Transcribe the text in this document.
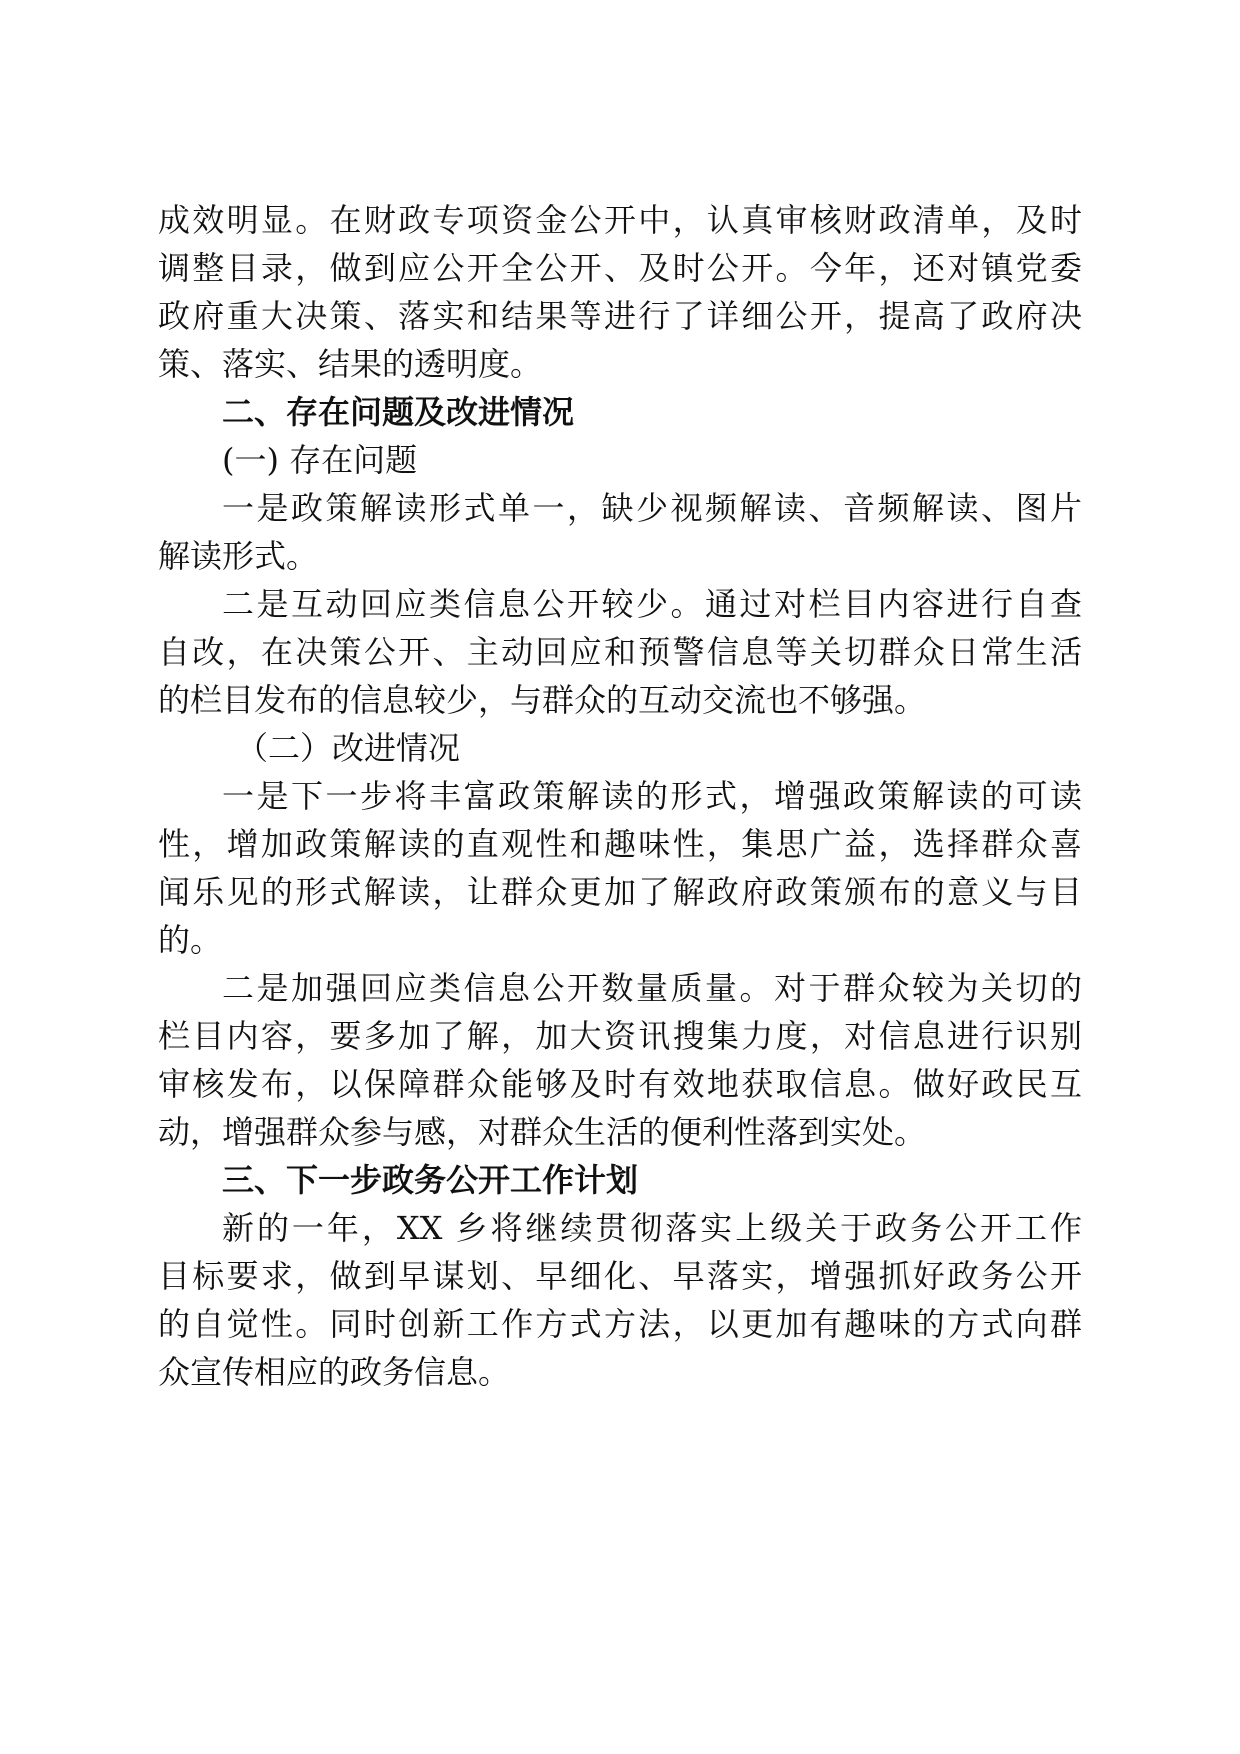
成效明显。在财政专项资金公开中，认真审核财政清单，及时
调整目录，做到应公开全公开、及时公开。今年，还对镇党委
政府重大决策、落实和结果等进行了详细公开，提高了政府决
策、落实、结果的透明度。
二、存在问题及改进情况
(一) 存在问题
一是政策解读形式单一，缺少视频解读、音频解读、图片
解读形式。
二是互动回应类信息公开较少。通过对栏目内容进行自查
自改，在决策公开、主动回应和预警信息等关切群众日常生活
的栏目发布的信息较少，与群众的互动交流也不够强。
（二）改进情况
一是下一步将丰富政策解读的形式，增强政策解读的可读
性，增加政策解读的直观性和趣味性，集思广益，选择群众喜
闻乐见的形式解读，让群众更加了解政府政策颁布的意义与目
的。
二是加强回应类信息公开数量质量。对于群众较为关切的
栏目内容，要多加了解，加大资讯搜集力度，对信息进行识别
审核发布，以保障群众能够及时有效地获取信息。做好政民互
动，增强群众参与感，对群众生活的便利性落到实处。
三、下一步政务公开工作计划
新的一年，XX 乡将继续贯彻落实上级关于政务公开工作
目标要求，做到早谋划、早细化、早落实，增强抓好政务公开
的自觉性。同时创新工作方式方法，以更加有趣味的方式向群
众宣传相应的政务信息。
